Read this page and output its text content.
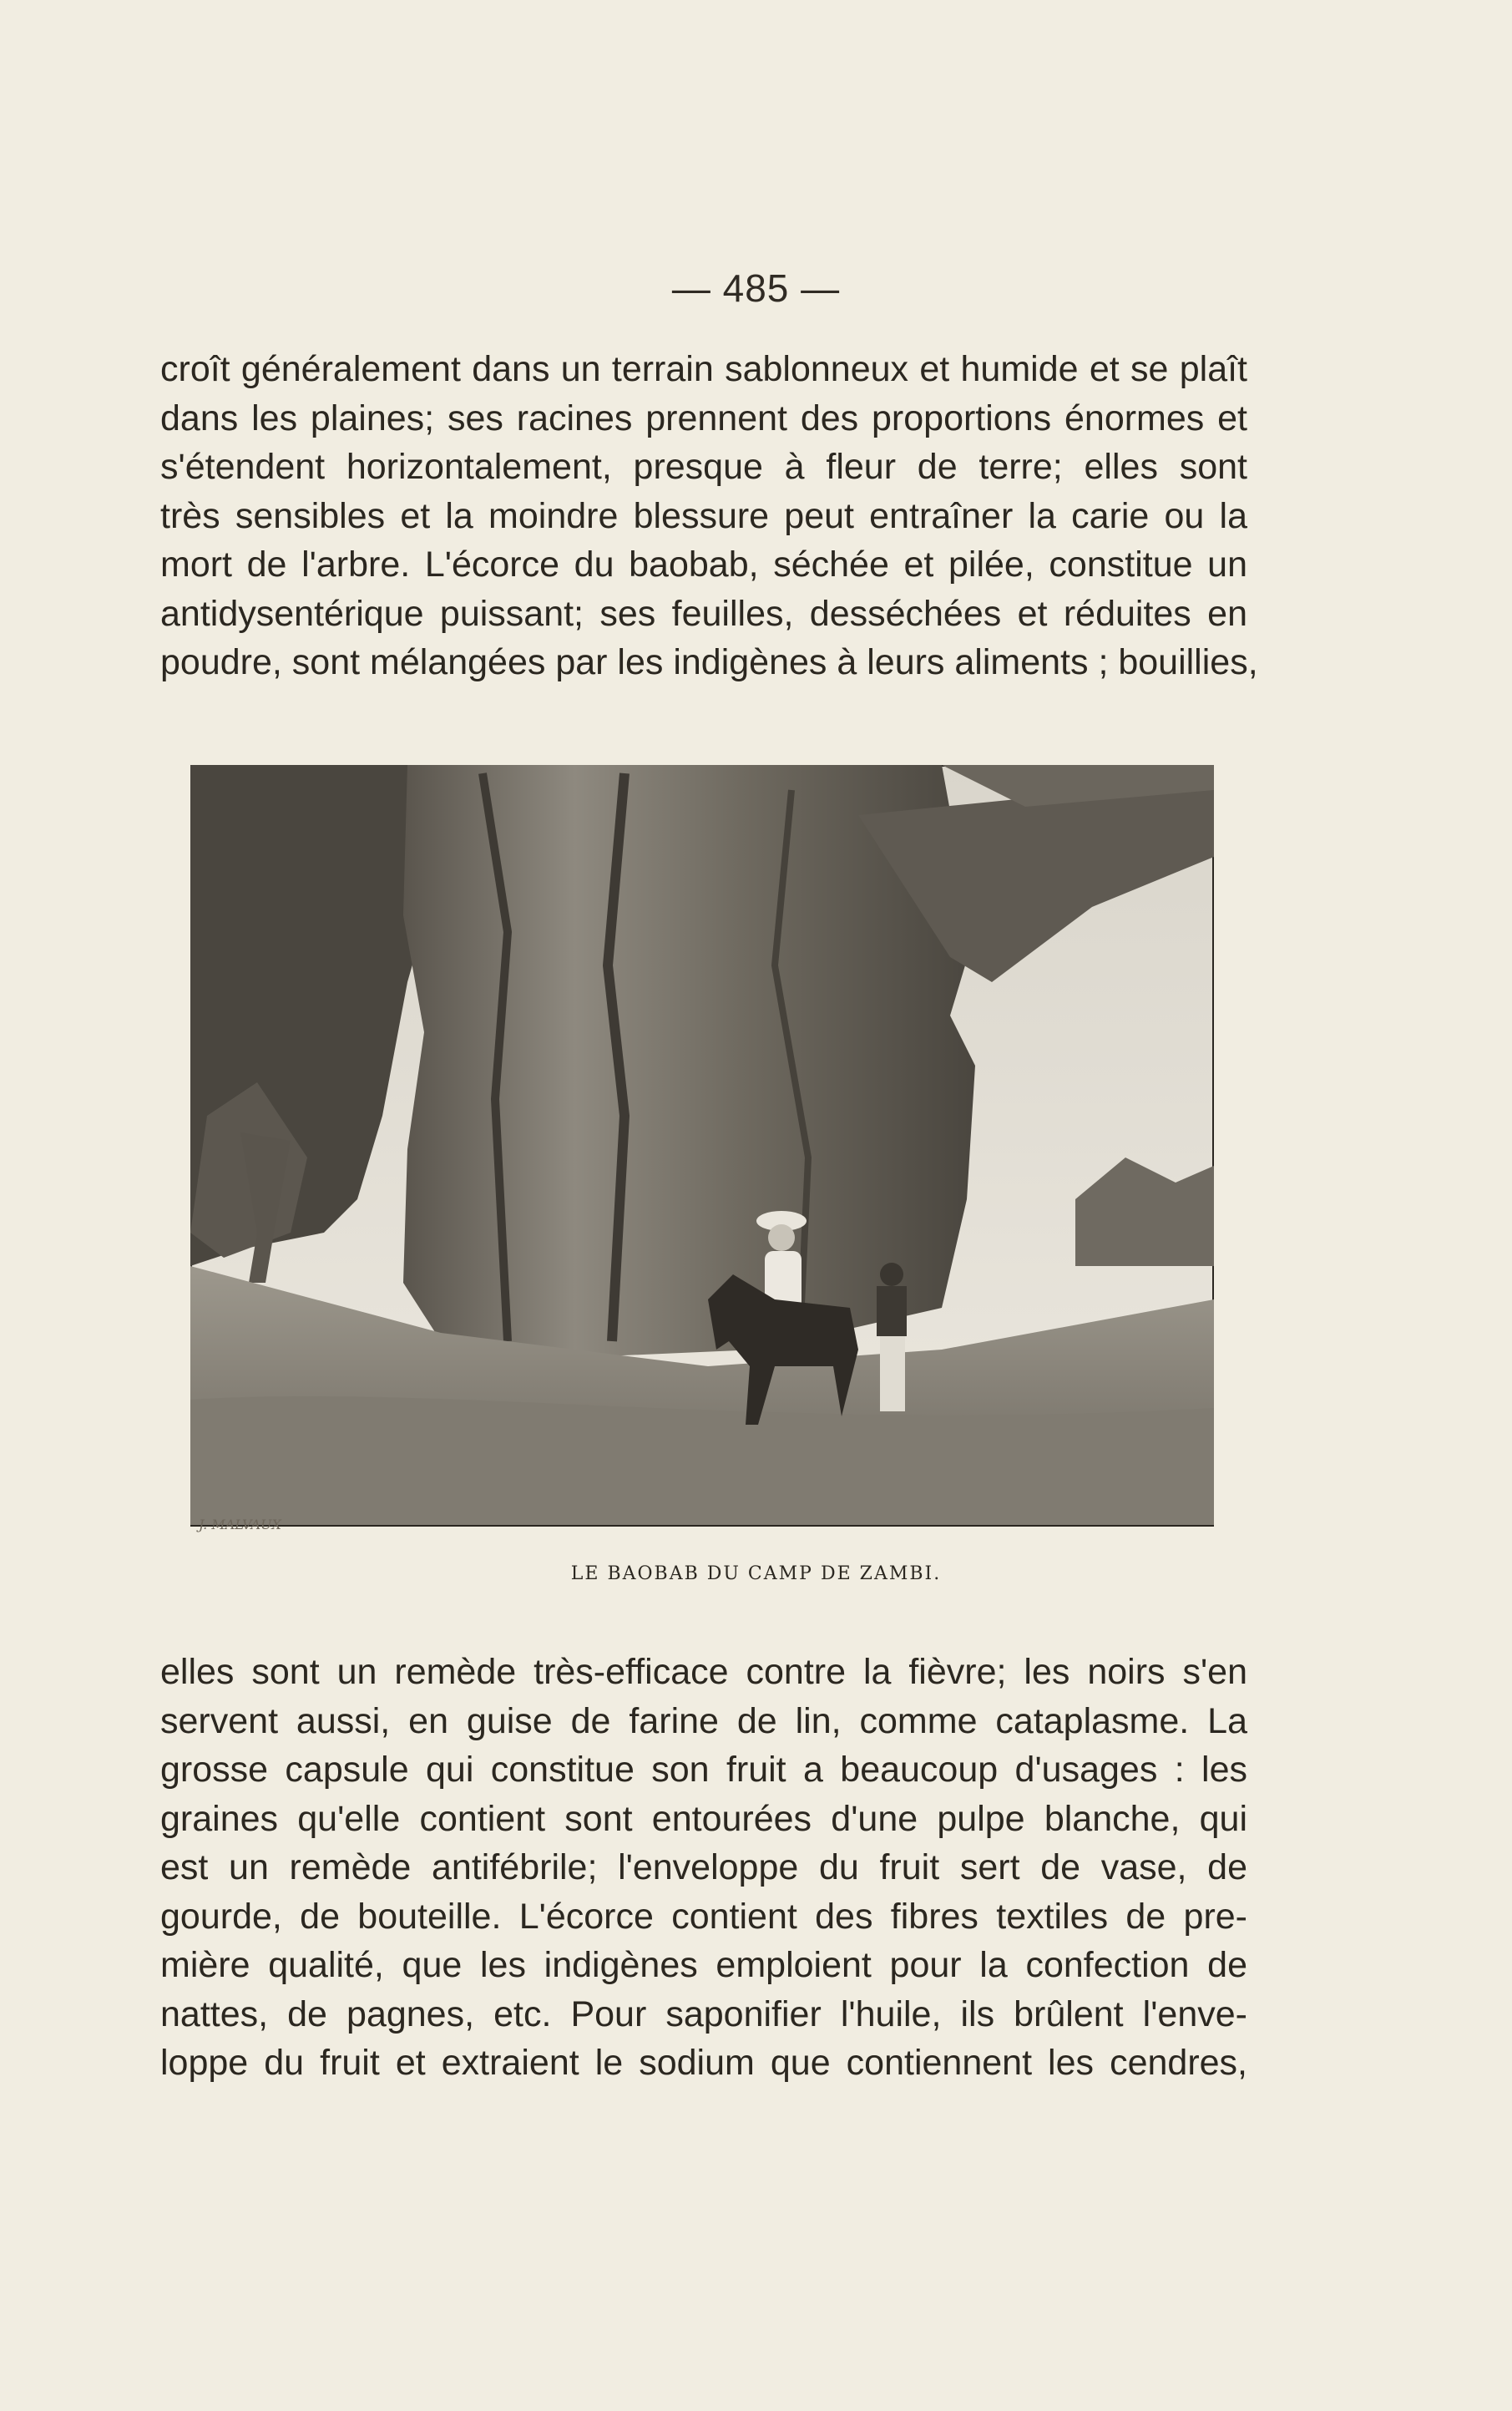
— 485 —

croît généralement dans un terrain sablonneux et humide et se plaît
dans les plaines; ses racines prennent des proportions énormes et
s'étendent horizontalement, presque à fleur de terre; elles sont
très sensibles et la moindre blessure peut entraîner la carie ou la
mort de l'arbre. L'écorce du baobab, séchée et pilée, constitue un
antidysentérique puissant; ses feuilles, desséchées et réduites en
poudre, sont mélangées par les indigènes à leurs aliments ; bouillies,

J. MALVAUX
LE BAOBAB DU CAMP DE ZAMBI.

elles sont un remède très-efficace contre la fièvre; les noirs s'en
servent aussi, en guise de farine de lin, comme cataplasme. La
grosse capsule qui constitue son fruit a beaucoup d'usages : les
graines qu'elle contient sont entourées d'une pulpe blanche, qui
est un remède antifébrile; l'enveloppe du fruit sert de vase, de
gourde, de bouteille. L'écorce contient des fibres textiles de pre-
mière qualité, que les indigènes emploient pour la confection de
nattes, de pagnes, etc. Pour saponifier l'huile, ils brûlent l'enve-
loppe du fruit et extraient le sodium que contiennent les cendres,
